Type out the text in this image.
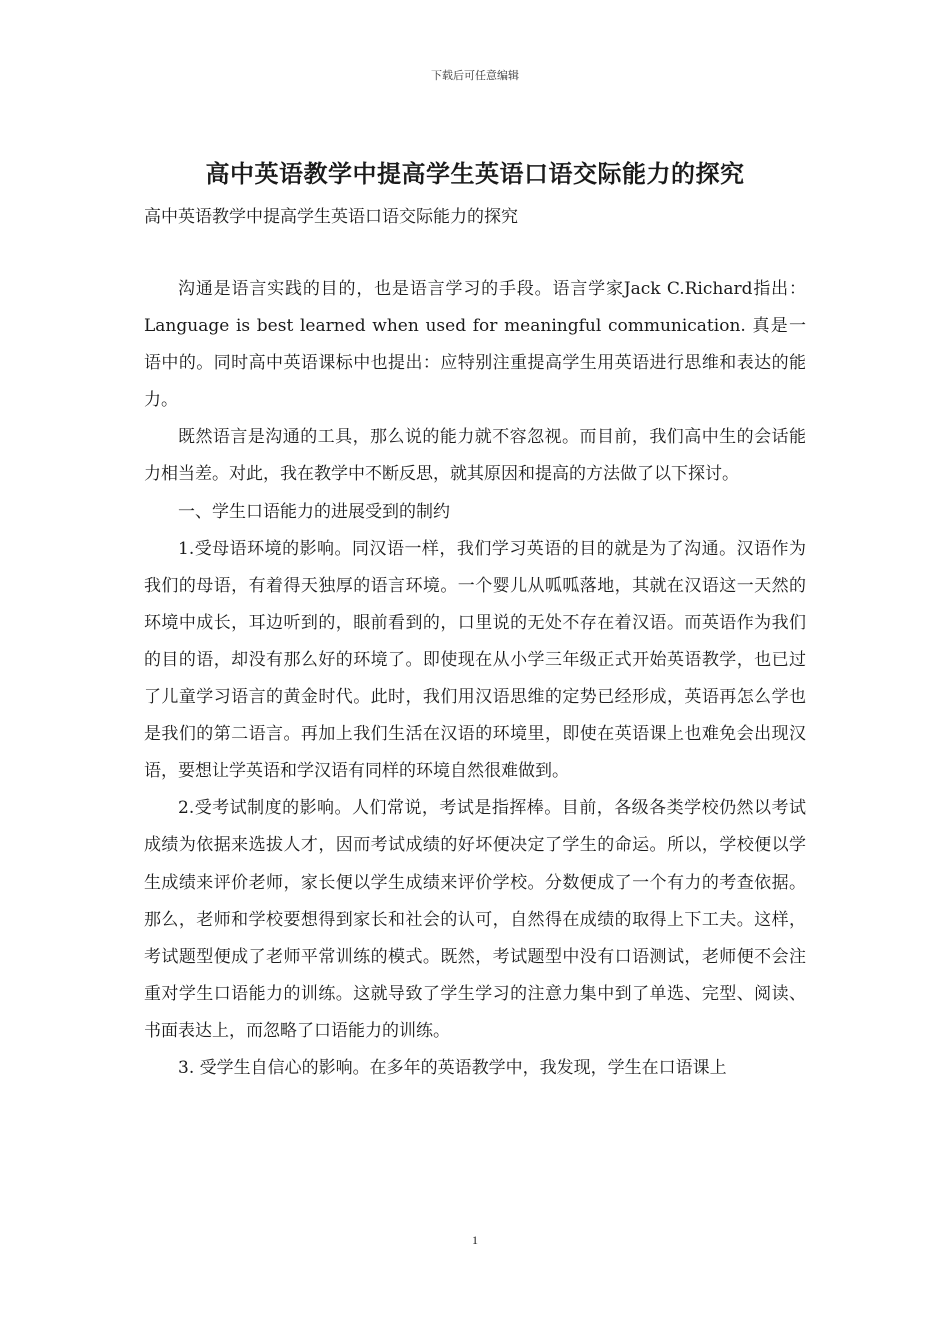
下载后可任意编辑
高中英语教学中提高学生英语口语交际能力的探究

高中英语教学中提高学生英语口语交际能力的探究

沟通是语言实践的目的，也是语言学习的手段。语言学家Jack C.Richard指出：Language is best learned when used for meaningful communication. 真是一语中的。同时高中英语课标中也提出：应特别注重提高学生用英语进行思维和表达的能力。

既然语言是沟通的工具，那么说的能力就不容忽视。而目前，我们高中生的会话能力相当差。对此，我在教学中不断反思，就其原因和提高的方法做了以下探讨。

一、学生口语能力的进展受到的制约

1.受母语环境的影响。同汉语一样，我们学习英语的目的就是为了沟通。汉语作为我们的母语，有着得天独厚的语言环境。一个婴儿从呱呱落地，其就在汉语这一天然的环境中成长，耳边听到的，眼前看到的，口里说的无处不存在着汉语。而英语作为我们的目的语，却没有那么好的环境了。即使现在从小学三年级正式开始英语教学，也已过了儿童学习语言的黄金时代。此时，我们用汉语思维的定势已经形成，英语再怎么学也是我们的第二语言。再加上我们生活在汉语的环境里，即使在英语课上也难免会出现汉语，要想让学英语和学汉语有同样的环境自然很难做到。

2.受考试制度的影响。人们常说，考试是指挥棒。目前，各级各类学校仍然以考试成绩为依据来选拔人才，因而考试成绩的好坏便决定了学生的命运。所以，学校便以学生成绩来评价老师，家长便以学生成绩来评价学校。分数便成了一个有力的考查依据。那么，老师和学校要想得到家长和社会的认可，自然得在成绩的取得上下工夫。这样，考试题型便成了老师平常训练的模式。既然，考试题型中没有口语测试，老师便不会注重对学生口语能力的训练。这就导致了学生学习的注意力集中到了单选、完型、阅读、书面表达上，而忽略了口语能力的训练。

3. 受学生自信心的影响。在多年的英语教学中，我发现，学生在口语课上

1
